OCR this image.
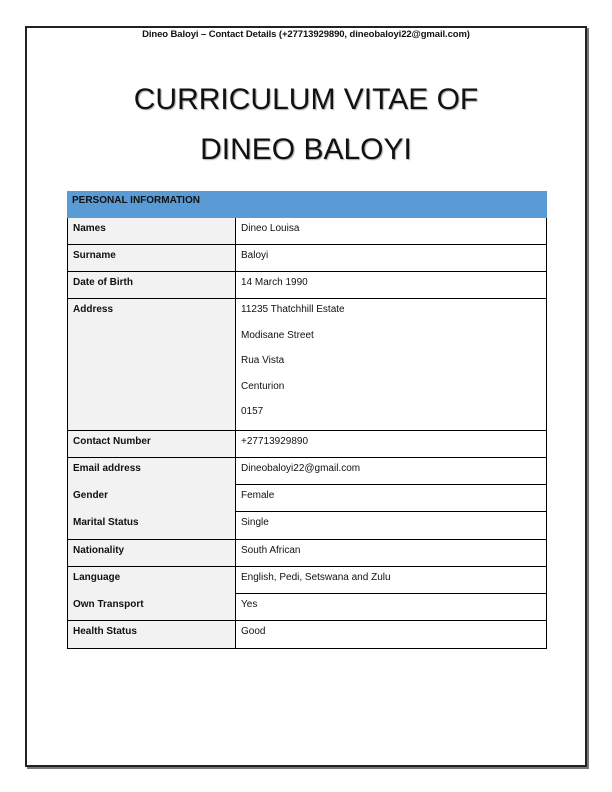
Dineo Baloyi – Contact Details (+27713929890, dineobaloyi22@gmail.com)
CURRICULUM VITAE OF
DINEO BALOYI
PERSONAL INFORMATION
Names	Dineo Louisa
Surname	Baloyi
Date of Birth	14 March 1990
Address	11235 Thatchhill Estate
Modisane Street
Rua Vista
Centurion
0157
Contact Number	+27713929890
Email address	Dineobaloyi22@gmail.com
Gender	Female
Marital Status	Single
Nationality	South African
Language	English, Pedi, Setswana and Zulu
Own Transport	Yes
Health Status	Good
